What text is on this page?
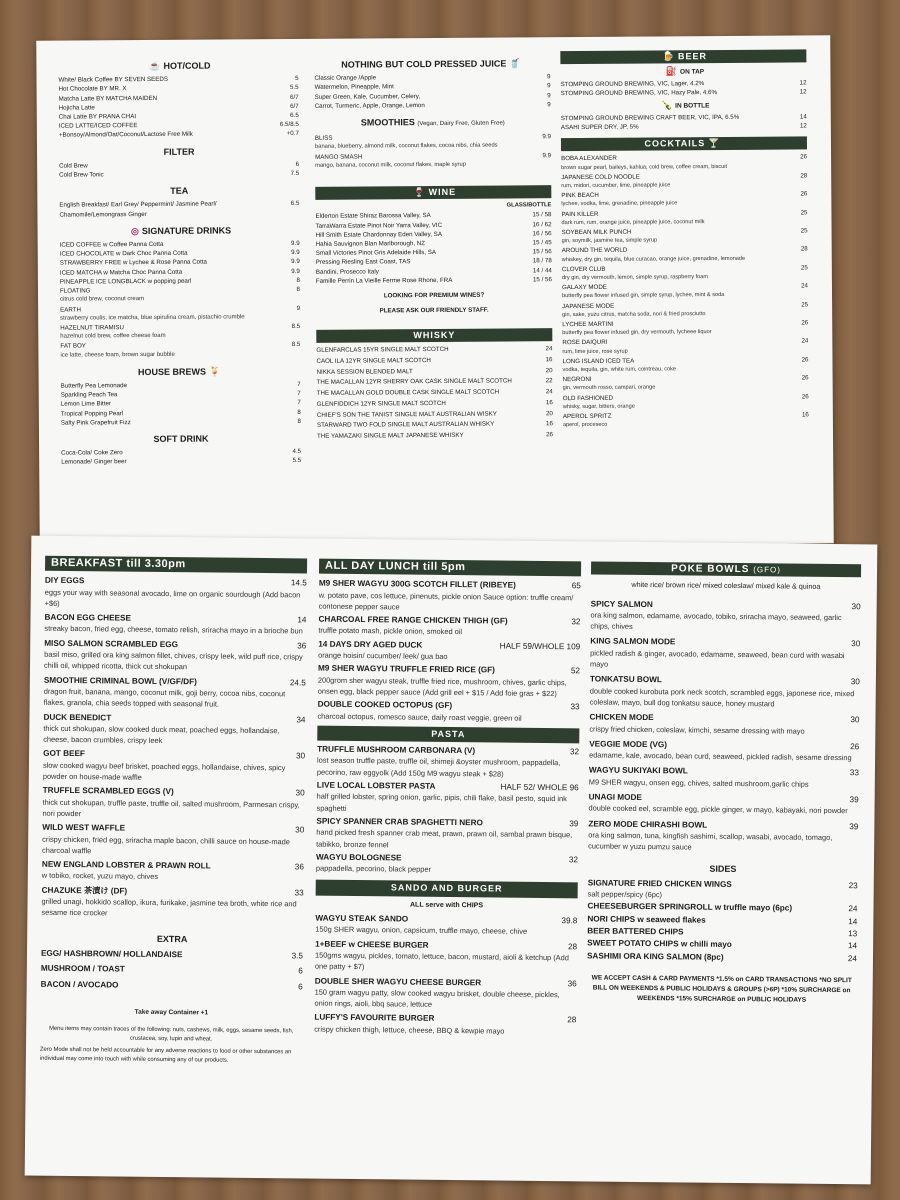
☕ HOT/COLD
White/ Black Coffee BY SEVEN SEEDS	5
Hot Chocolate BY MR. X	5.5
Matcha Latte BY MATCHA MAIDEN	6/7
Hojicha Latte	6/7
Chai Latte BY PRANA CHAI	6.5
ICED LATTE/ICED COFFEE	6.5/8.5
+Bonsoy/Almond/Oat/Coconut/Lactose Free Milk	+0.7
FILTER
Cold Brew	6
Cold Brew Tonic	7.5
TEA
English Breakfast/ Earl Grey/ Peppermint/ Jasmine Pearl/
Chamomile/Lemongrass Ginger
6.5
◎ SIGNATURE DRINKS
ICED COFFEE w Coffee Panna Cotta	9.9
ICED CHOCOLATE w Dark Choc Panna Cotta	9.9
STRAWBERRY FREE w Lychee & Rose Panna Cotta	9.9
ICED MATCHA w Matcha Choc Panna Cotta	9.9
PINEAPPLE ICE LONGBLACK w popping pearl	8
FLOATING	8
citrus cold brew, coconut cream
EARTH	9
strawberry coulis, ice matcha, blue spirulina cream, pistachio crumble
HAZELNUT TIRAMISU	8.5
hazelnut cold brew, coffee cheese foam
FAT BOY	8.5
ice latte, cheese foam, brown sugar bubble
HOUSE BREWS 🍹
Butterfly Pea Lemonade	7
Sparkling Peach Tea	7
Lemon Lime Bitter	7
Tropical Popping Pearl	8
Salty Pink Grapefruit Fizz	8
SOFT DRINK
Coca-Cola/ Coke Zero	4.5
Lemonade/ Ginger beer	5.5
NOTHING BUT COLD PRESSED JUICE 🥤
Classic Orange /Apple	9
Watermelon, Pineapple, Mint	9
Super Green, Kale, Cucumber, Celery,	9
Carrot, Turmeric, Apple, Orange, Lemon	9
SMOOTHIES (Vegan, Dairy Free, Gluten Free)
BLISS	9.9
banana, blueberry, almond milk, coconut flakes, cocoa nibs, chia seeds
MANGO SMASH	9.9
mango, banana, coconut milk, coconut flakes, maple syrup
🍷 WINE
GLASS/BOTTLE
Elderton Estate Shiraz Barossa Valley, SA	15 / 58
TarraWarra Estate Pinot Noir Yarra Valley, VIC	16 / 62
Hill Smith Estate Chardonnay Eden Valley, SA	16 / 56
Hahia Sauvignon Blan Marlborough, NZ	15 / 45
Small Victories Pinot Gris Adelaide Hills, SA	15 / 56
Pressing Riesling East Coast, TAS	18 / 78
Bandini, Prosecco Italy	14 / 44
Famille Perrin La Vieille Ferme Rose Rhone, FRA	15 / 56
LOOKING FOR PREMIUM WINES?
PLEASE ASK OUR FRIENDLY STAFF.
WHISKY
GLENFARCLAS 15YR SINGLE MALT SCOTCH	24
CAOL ILA 12YR SINGLE MALT SCOTCH	16
NIKKA SESSION BLENDED MALT	20
THE MACALLAN 12YR SHERRY OAK CASK SINGLE MALT SCOTCH	22
THE MACALLAN GOLD DOUBLE CASK SINGLE MALT SCOTCH	24
GLENFIDDICH 12YR SINGLE MALT SCOTCH	16
CHIEF'S SON THE TANIST SINGLE MALT AUSTRALIAN WISKY	20
STARWARD TWO FOLD SINGLE MALT AUSTRALIAN WHISKY	16
THE YAMAZAKI SINGLE MALT JAPANESE WHISKY	26
🍺 BEER
⛽ ON TAP
STOMPING GROUND BREWING, VIC, Lager, 4.2%	12
STOMPING GROUND BREWING, VIC, Hazy Pale, 4.6%	12
🍾 IN BOTTLE
STOMPING GROUND BREWING CRAFT BEER, VIC, IPA, 6.5%	14
ASAHI SUPER DRY, JP, 5%	12
COCKTAILS 🍸
BOBA ALEXANDER	26
brown sugar pearl, baileys, kahlua, cold brew, coffee cream, biscuit
JAPANESE COLD NOODLE	28
rum, midori, cucumber, lime, pineapple juice
PINK BEACH	26
lychee, vodka, lime, grenadine, pineapple juice
PAIN KILLER	25
dark rum, rum, orange juice, pineapple juice, coconut milk
SOYBEAN MILK PUNCH	25
gin, soymilk, jasmine tea, simple syrup
AROUND THE WORLD	28
whiskey, dry gin, tequila, blue curacao, orange juice, grenadine, lemonade
CLOVER CLUB	25
dry gin, dry vermouth, lemon, simple syrup, raspberry foam
GALAXY MODE	24
butterfly pea flower infused gin, simple syrup, lychee, mint & soda
JAPANESE MODE	25
gin, sake, yuzu citrus, matcha soda, nori & fried prosciutto
LYCHEE MARTINI	26
butterfly pea flower infused gin, dry vermouth, lycheee liquor
ROSE DAIQURI	24
rum, lime juice, rose syrup
LONG ISLAND ICED TEA	26
vodka, tequila, gin, white rum, cointreau, coke
NEGRONI	26
gin, vermouth rosso, campari, orange
OLD FASHIONED	26
whisky, sugar, bitters, orange
APEROL SPRITZ	16
aperol, proceseco
BREAKFAST till 3.30pm
DIY EGGS	14.5
eggs your way with seasonal avocado, lime on organic sourdough (Add bacon +$6)
BACON EGG CHEESE	14
streaky bacon, fried egg, cheese, tomato relish, sriracha mayo in a brioche bun
MISO SALMON SCRAMBLED EGG	36
basil miso, grilled ora king salmon fillet, chives, crispy leek, wild puff rice, crispy chilli oil, whipped ricotta, thick cut shokupan
SMOOTHIE CRIMINAL BOWL (V/GF/DF)	24.5
dragon fruit, banana, mango, coconut milk, goji berry, cocoa nibs, coconut flakes, granola, chia seeds topped with seasonal fruit.
DUCK BENEDICT	34
thick cut shokupan, slow cooked duck meat, poached eggs, hollandaise, cheese, bacon crumbles, crispy leek
GOT BEEF	30
slow cooked wagyu beef brisket, poached eggs, hollandaise, chives, spicy powder on house-made waffle
TRUFFLE SCRAMBLED EGGS (V)	30
thick cut shokupan, truffle paste, truffle oil, salted mushroom, Parmesan crispy, nori powder
WILD WEST WAFFLE	30
crispy chicken, fried egg, sriracha maple bacon, chilli sauce on house-made charcoal waffle
NEW ENGLAND LOBSTER & PRAWN ROLL	36
w tobiko, rocket, yuzu mayo, chives
CHAZUKE 茶漬け (DF)	33
grilled unagi, hokkido scallop, ikura, furikake, jasmine tea broth, white rice and sesame rice crocker
EXTRA
EGG/ HASHBROWN/ HOLLANDAISE	3.5
MUSHROOM / TOAST	6
BACON / AVOCADO	6
Take away Container +1
Menu items may contain traces of the following: nuts, cashews, milk, eggs, sesame seeds, fish, crustacea, soy, lupin and wheat.
Zero Mode shall not be held accountable for any adverse reactions to food or other substances an individual may come into touch with while consuming any of our products.
ALL DAY LUNCH till 5pm
M9 SHER WAGYU 300G SCOTCH FILLET (RIBEYE)	65
w. potato pave, cos lettuce, pinenuts, pickle onion Sauce option: truffle cream/ contonese pepper sauce
CHARCOAL FREE RANGE CHICKEN THIGH (GF)	32
truffle potato mash, pickle onion, smoked oil
14 DAYS DRY AGED DUCK	HALF 59/WHOLE 109
orange hoisin/ cucumber/ leek/ gua bao
M9 SHER WAGYU TRUFFLE FRIED RICE (GF)	52
200grom sher wagyu steak, truffle fried rice, mushroom, chives, garlic chips, onsen egg, black pepper sauce (Add grill eel + $15 / Add foie gras + $22)
DOUBLE COOKED OCTOPUS (GF)	33
charcoal octopus, romesco sauce, daily roast veggie, green oil
PASTA
TRUFFLE MUSHROOM CARBONARA (V)	32
lost season truffle paste, truffle oil, shimeji &oyster mushroom, pappadella, pecorino, raw eggyolk (Add 150g M9 wagyu steak + $28)
LIVE LOCAL LOBSTER PASTA	HALF 52/ WHOLE 96
half grilled lobster, spring onion, garlic, pipis, chili flake, basil pesto, squid ink spaghetti
SPICY SPANNER CRAB SPAGHETTI NERO	39
hand picked fresh spanner crab meat, prawn, prawn oil, sambal prawn bisque, tabikko, bronze fennel
WAGYU BOLOGNESE	32
pappadella, pecorino, black pepper
SANDO AND BURGER
ALL serve with CHIPS
WAGYU STEAK SANDO	39.8
150g SHER wagyu, onion, capsicum, truffle mayo, cheese, chive
1+BEEF w CHEESE BURGER	28
150gms wagyu, pickles, tomato, lettuce, bacon, mustard, aioli & ketchup (Add one patty + $7)
DOUBLE SHER WAGYU CHEESE BURGER	36
150 gram wagyu patty, slow cooked wagyu brisket, double cheese, pickles, onion rings, aioli, bbq sauce, lettuce
LUFFY'S FAVOURITE BURGER	28
crispy chicken thigh, lettuce, cheese, BBQ & kewpie mayo
POKE BOWLS (GFO)
white rice/ brown rice/ mixed coleslaw/ mixed kale & quinoa
SPICY SALMON	30
ora king salmon, edamame, avocado, tobiko, sriracha mayo, seaweed, garlic chips, chives
KING SALMON MODE	30
pickled radish & ginger, avocado, edamame, seaweed, bean curd with wasabi mayo
TONKATSU BOWL	30
double cooked kurobuta pork neck scotch, scrambled eggs, japonese rice, mixed coleslaw, mayo, bull dog tonkatsu sauce, honey mustard
CHICKEN MODE	30
crispy fried chicken, coleslaw, kimchi, sesame dressing with mayo
VEGGIE MODE (VG)	26
edamame, kale, avocado, bean curd, seaweed, pickled radish, sesame dressing
WAGYU SUKIYAKI BOWL	33
M9 SHER wagyu, onsen egg, chives, salted mushroom,garlic chips
UNAGI MODE	39
double cooked eel, scramble egg, pickle ginger, w mayo, kabayaki, nori powder
ZERO MODE CHIRASHI BOWL	39
ora king salmon, tuna, kingfish sashimi, scallop, wasabi, avocado, tomago, cucumber w yuzu pumzu sauce
SIDES
SIGNATURE FRIED CHICKEN WINGS	23
salt pepper/spicy (6pc)
CHEESEBURGER SPRINGROLL w truffle mayo (6pc)	24
NORI CHIPS w seaweed flakes	14
BEER BATTERED CHIPS	13
SWEET POTATO CHIPS w chilli mayo	14
SASHIMI ORA KING SALMON (8pc)	24
WE ACCEPT CASH & CARD PAYMENTS *1.5% on CARD TRANSACTIONS *NO SPLIT BILL ON WEEKENDS & PUBLIC HOLIDAYS & GROUPS (>6P) *10% SURCHARGE on WEEKENDS *15% SURCHARGE on PUBLIC HOLIDAYS
